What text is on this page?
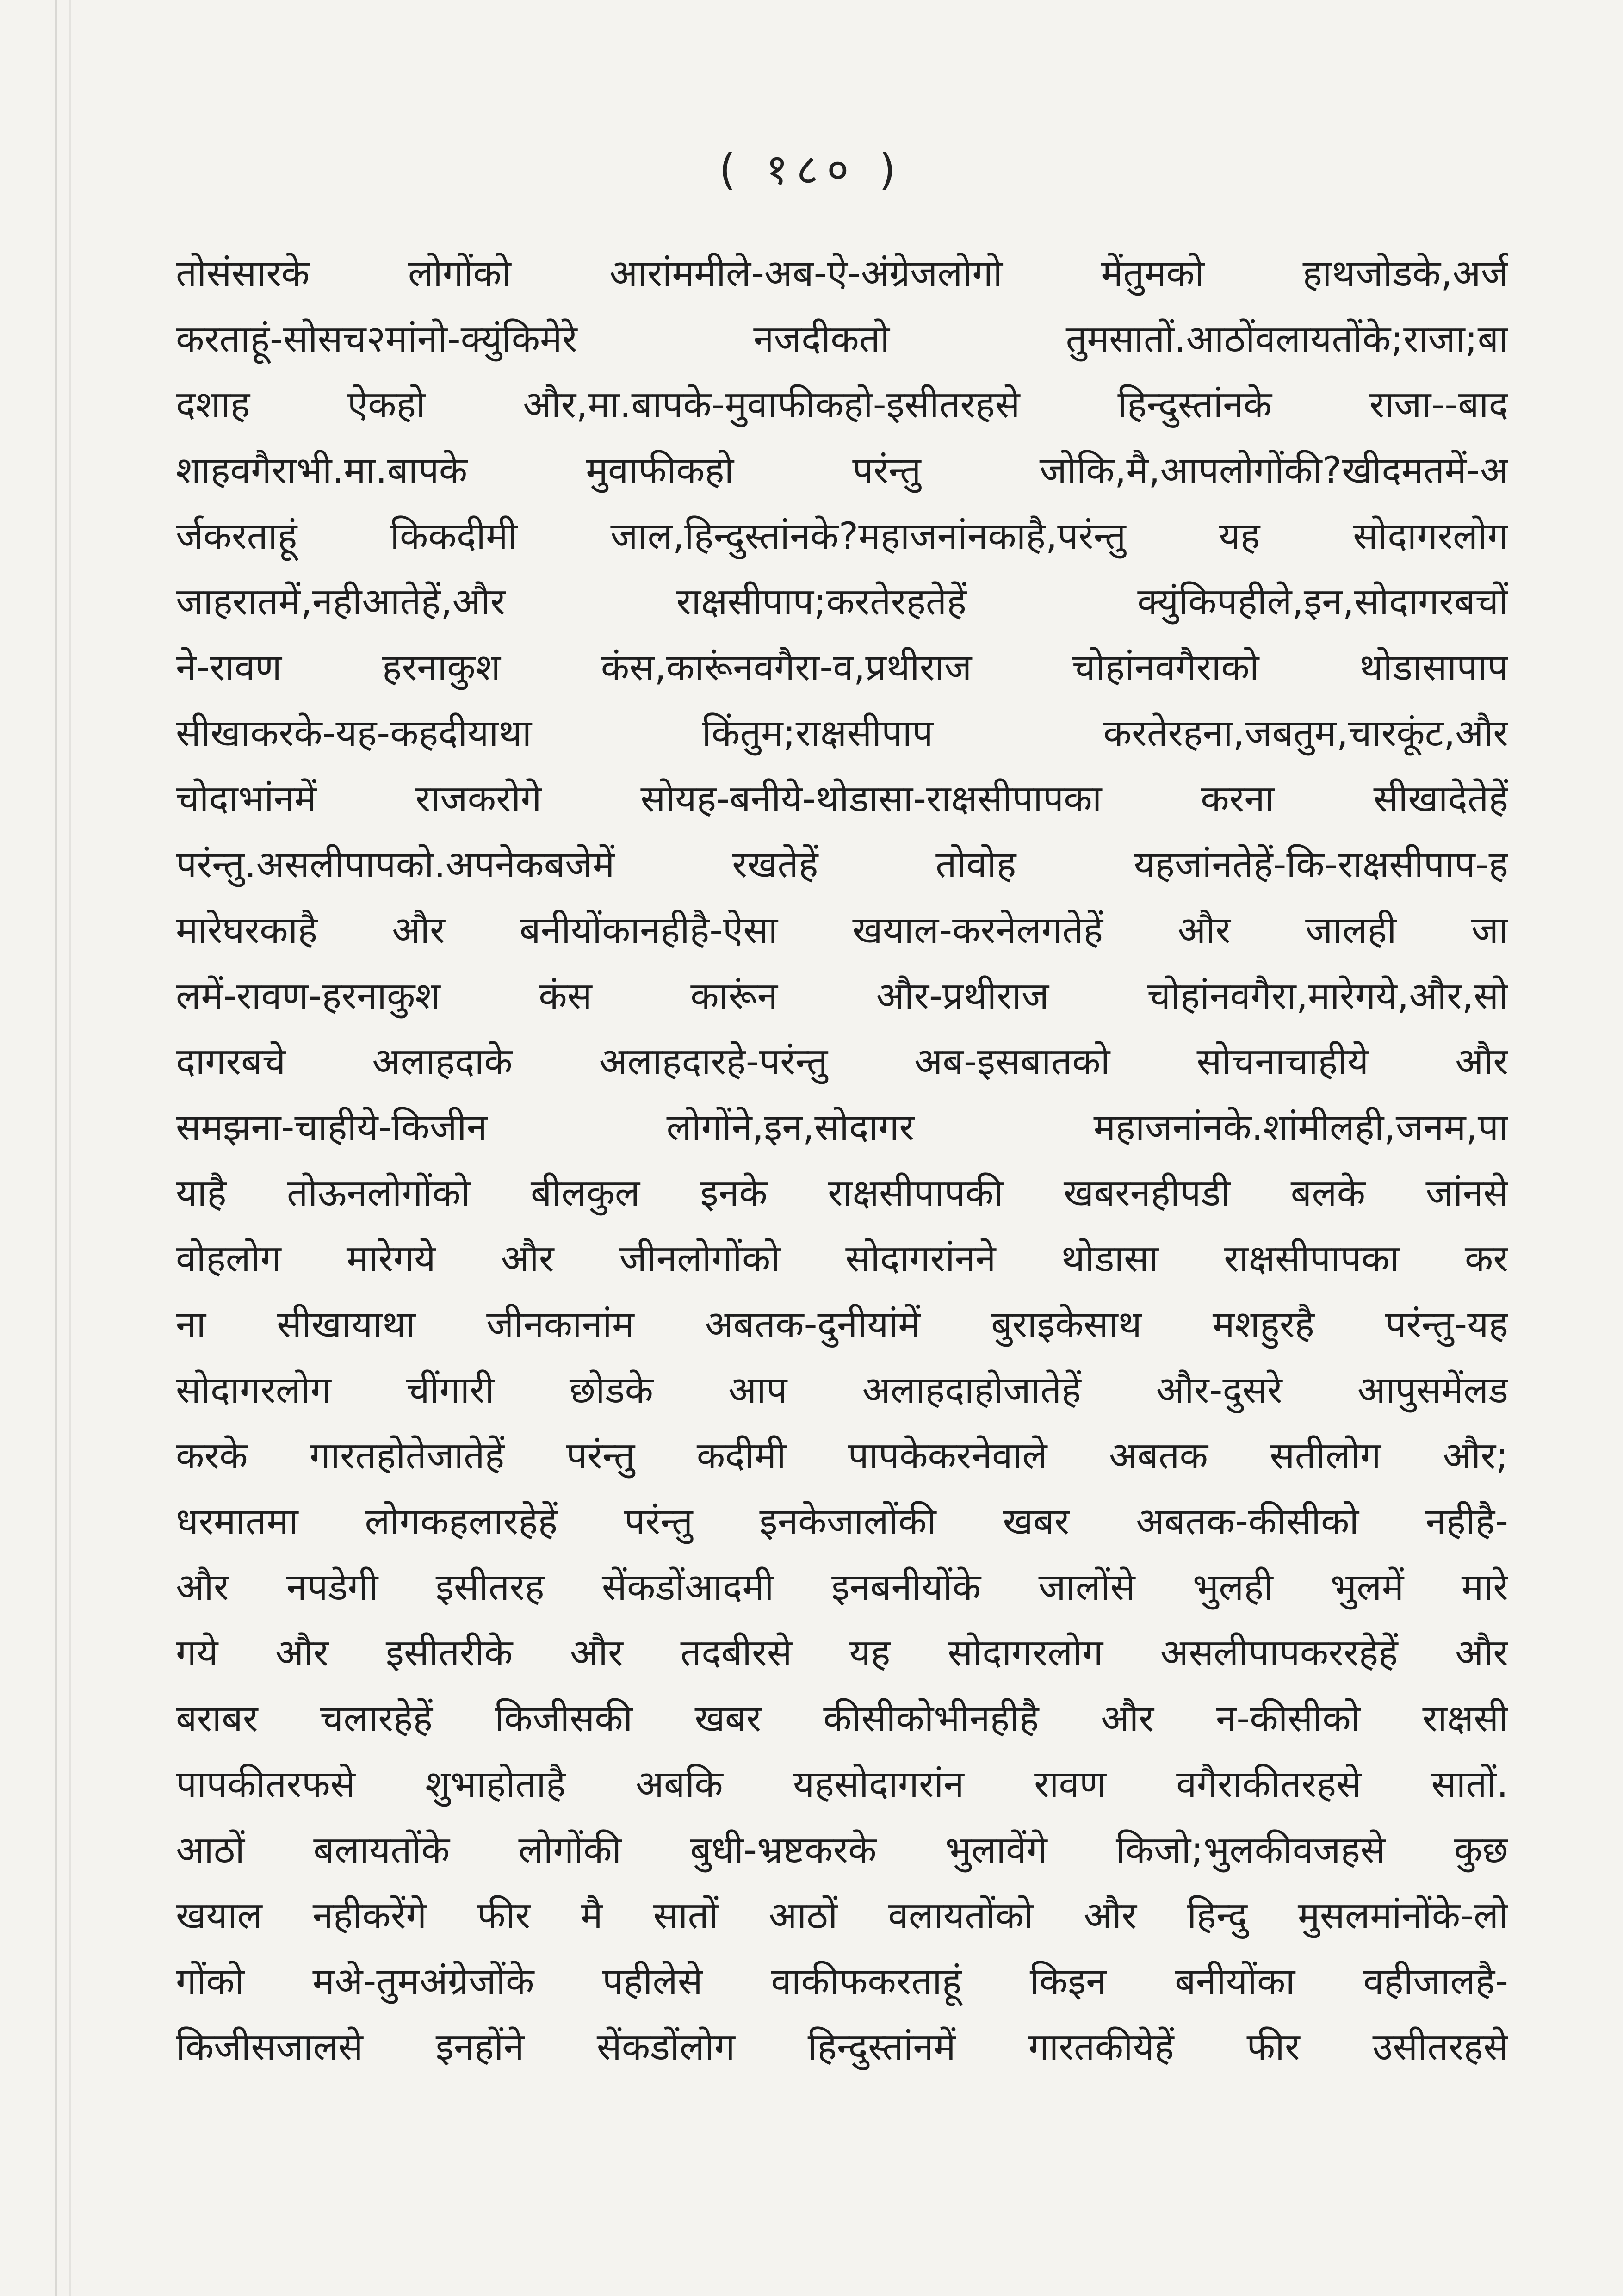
( १८० )
तोसंसारके लोगोंको आरांममीले-अब-ऐ-अंग्रेजलोगो मेंतुमको हाथजोडके,अर्ज
करताहूं-सोसच२मांनो-क्युंकिमेरे नजदीकतो तुमसातों.आठोंवलायतोंके;राजा;बा
दशाह ऐकहो और,मा.बापके-मुवाफीकहो-इसीतरहसे हिन्दुस्तांनके राजा--बाद
शाहवगैराभी.मा.बापके मुवाफीकहो परंन्तु जोकि,मै,आपलोगोंकी?खीदमतमें-अ
र्जकरताहूं किकदीमी जाल,हिन्दुस्तांनके?महाजनांनकाहै,परंन्तु यह सोदागरलोग
जाहरातमें,नहीआतेहें,और राक्षसीपाप;करतेरहतेहें क्युंकिपहीले,इन,सोदागरबचों
ने-रावण हरनाकुश कंस,कारूंनवगैरा-व,प्रथीराज चोहांनवगैराको थोडासापाप
सीखाकरके-यह-कहदीयाथा किंतुम;राक्षसीपाप करतेरहना,जबतुम,चारकूंट,और
चोदाभांनमें राजकरोगे सोयह-बनीये-थोडासा-राक्षसीपापका करना सीखादेतेहें
परंन्तु.असलीपापको.अपनेकबजेमें रखतेहें तोवोह यहजांनतेहें-कि-राक्षसीपाप-ह
मारेघरकाहै और बनीयोंकानहीहै-ऐसा खयाल-करनेलगतेहें और जालही जा
लमें-रावण-हरनाकुश कंस कारूंन और-प्रथीराज चोहांनवगैरा,मारेगये,और,सो
दागरबचे अलाहदाके अलाहदारहे-परंन्तु अब-इसबातको सोचनाचाहीये और
समझना-चाहीये-किजीन लोगोंने,इन,सोदागर महाजनांनके.शांमीलही,जनम,पा
याहै तोऊनलोगोंको बीलकुल इनके राक्षसीपापकी खबरनहीपडी बलके जांनसे
वोहलोग मारेगये और जीनलोगोंको सोदागरांनने थोडासा राक्षसीपापका कर
ना सीखायाथा जीनकानांम अबतक-दुनीयांमें बुराइकेसाथ मशहुरहै परंन्तु-यह
सोदागरलोग चींगारी छोडके आप अलाहदाहोजातेहें और-दुसरे आपुसमेंलड
करके गारतहोतेजातेहें परंन्तु कदीमी पापकेकरनेवाले अबतक सतीलोग और;
धरमातमा लोगकहलारहेहें परंन्तु इनकेजालोंकी खबर अबतक-कीसीको नहीहै-
और नपडेगी इसीतरह सेंकडोंआदमी इनबनीयोंके जालोंसे भुलही भुलमें मारे
गये और इसीतरीके और तदबीरसे यह सोदागरलोग असलीपापकररहेहें और
बराबर चलारहेहें किजीसकी खबर कीसीकोभीनहीहै और न-कीसीको राक्षसी
पापकीतरफसे शुभाहोताहै अबकि यहसोदागरांन रावण वगैराकीतरहसे सातों.
आठों बलायतोंके लोगोंकी बुधी-भ्रष्टकरके भुलावेंगे किजो;भुलकीवजहसे कुछ
खयाल नहीकरेंगे फीर मै सातों आठों वलायतोंको और हिन्दु मुसलमांनोंके-लो
गोंको मअे-तुमअंग्रेजोंके पहीलेसे वाकीफकरताहूं किइन बनीयोंका वहीजालहै-
किजीसजालसे इनहोंने सेंकडोंलोग हिन्दुस्तांनमें गारतकीयेहें फीर उसीतरहसे
